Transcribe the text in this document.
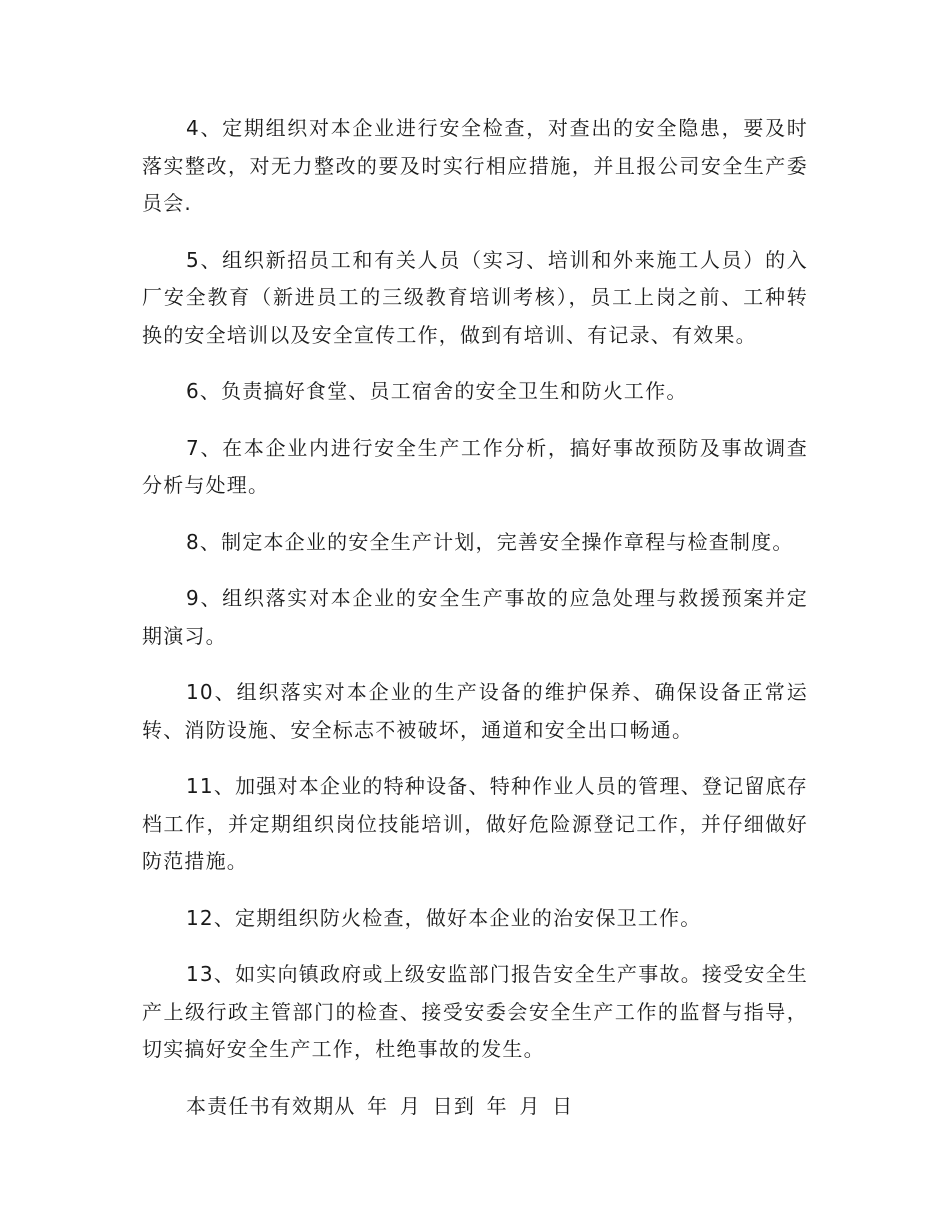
4、定期组织对本企业进行安全检查，对查出的安全隐患，要及时落实整改，对无力整改的要及时实行相应措施，并且报公司安全生产委员会.

5、组织新招员工和有关人员（实习、培训和外来施工人员）的入厂安全教育（新进员工的三级教育培训考核），员工上岗之前、工种转换的安全培训以及安全宣传工作，做到有培训、有记录、有效果。

6、负责搞好食堂、员工宿舍的安全卫生和防火工作。

7、在本企业内进行安全生产工作分析，搞好事故预防及事故调查分析与处理。

8、制定本企业的安全生产计划，完善安全操作章程与检查制度。

9、组织落实对本企业的安全生产事故的应急处理与救援预案并定期演习。

10、组织落实对本企业的生产设备的维护保养、确保设备正常运转、消防设施、安全标志不被破坏，通道和安全出口畅通。

11、加强对本企业的特种设备、特种作业人员的管理、登记留底存档工作，并定期组织岗位技能培训，做好危险源登记工作，并仔细做好防范措施。

12、定期组织防火检查，做好本企业的治安保卫工作。

13、如实向镇政府或上级安监部门报告安全生产事故。接受安全生产上级行政主管部门的检查、接受安委会安全生产工作的监督与指导，切实搞好安全生产工作，杜绝事故的发生。

本责任书有效期从 年 月 日到 年 月 日
